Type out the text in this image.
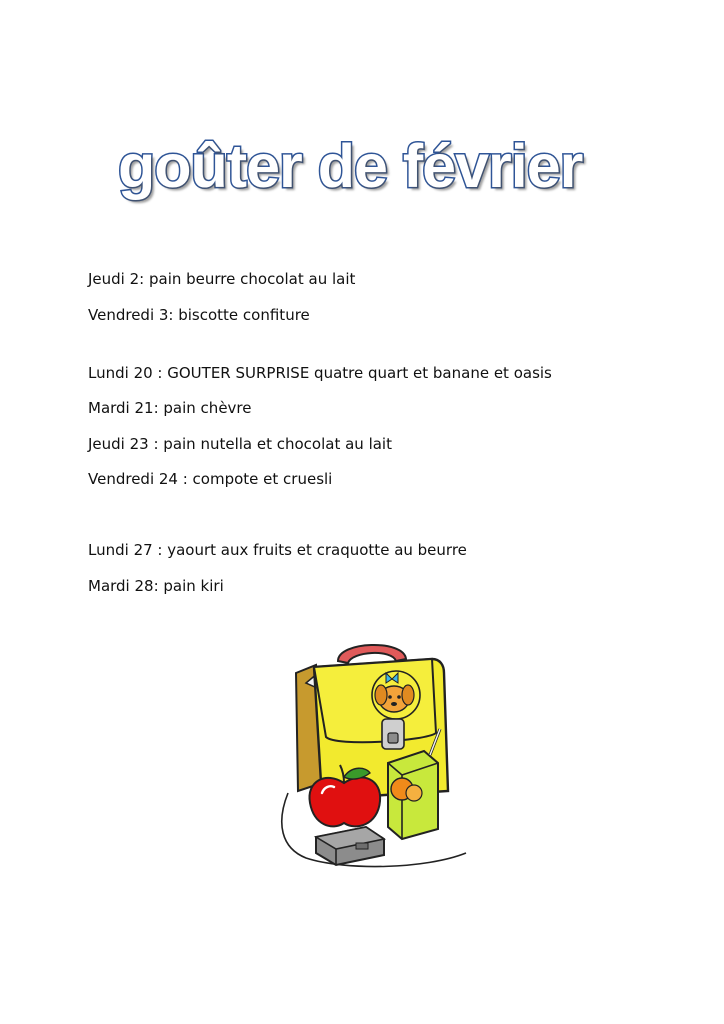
goûter de février

Jeudi 2: pain beurre chocolat au lait

Vendredi 3: biscotte confiture

Lundi 20 : GOUTER SURPRISE quatre quart et banane et oasis

Mardi 21: pain chèvre

Jeudi 23 : pain nutella et chocolat au lait

Vendredi 24 : compote et cruesli

Lundi 27 : yaourt aux fruits et craquotte au beurre

Mardi 28: pain kiri
